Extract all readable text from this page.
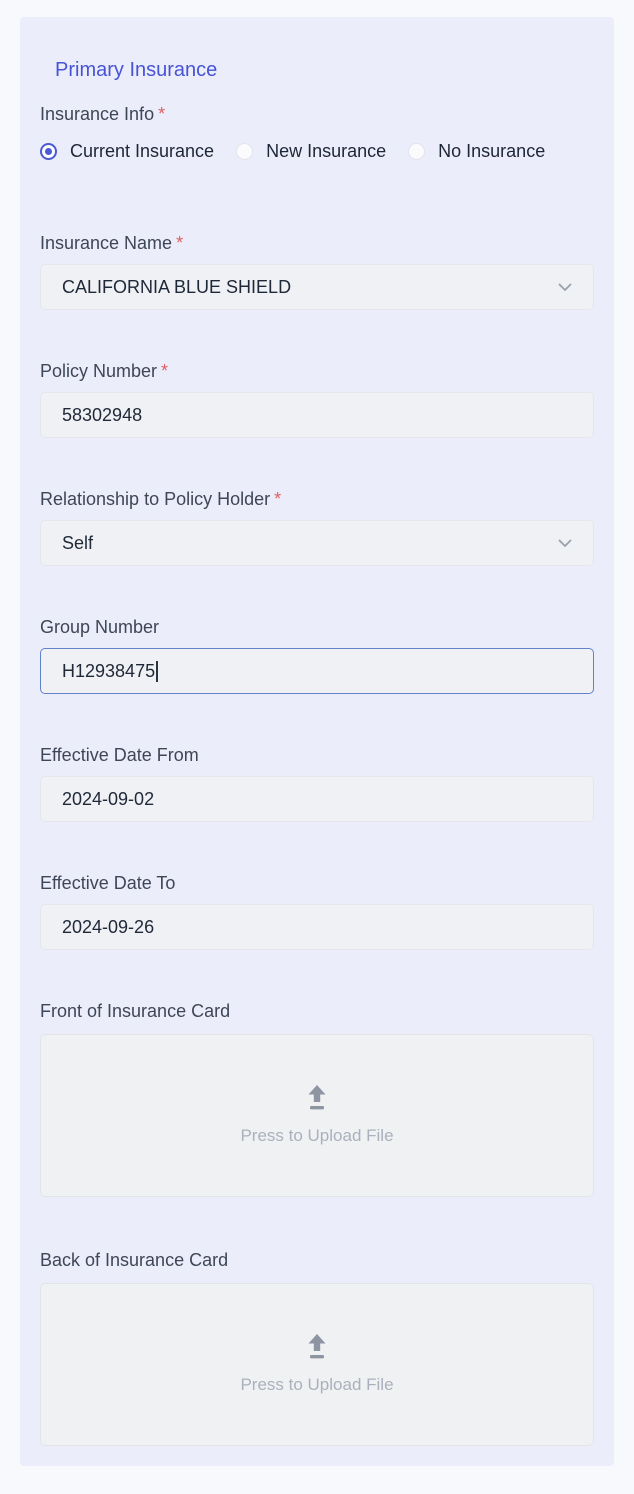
Primary Insurance
Insurance Info *
Current Insurance	New Insurance	No Insurance
Insurance Name *
CALIFORNIA BLUE SHIELD
Policy Number *
58302948
Relationship to Policy Holder *
Self
Group Number
H12938475
Effective Date From
2024-09-02
Effective Date To
2024-09-26
Front of Insurance Card
Press to Upload File
Back of Insurance Card
Press to Upload File
